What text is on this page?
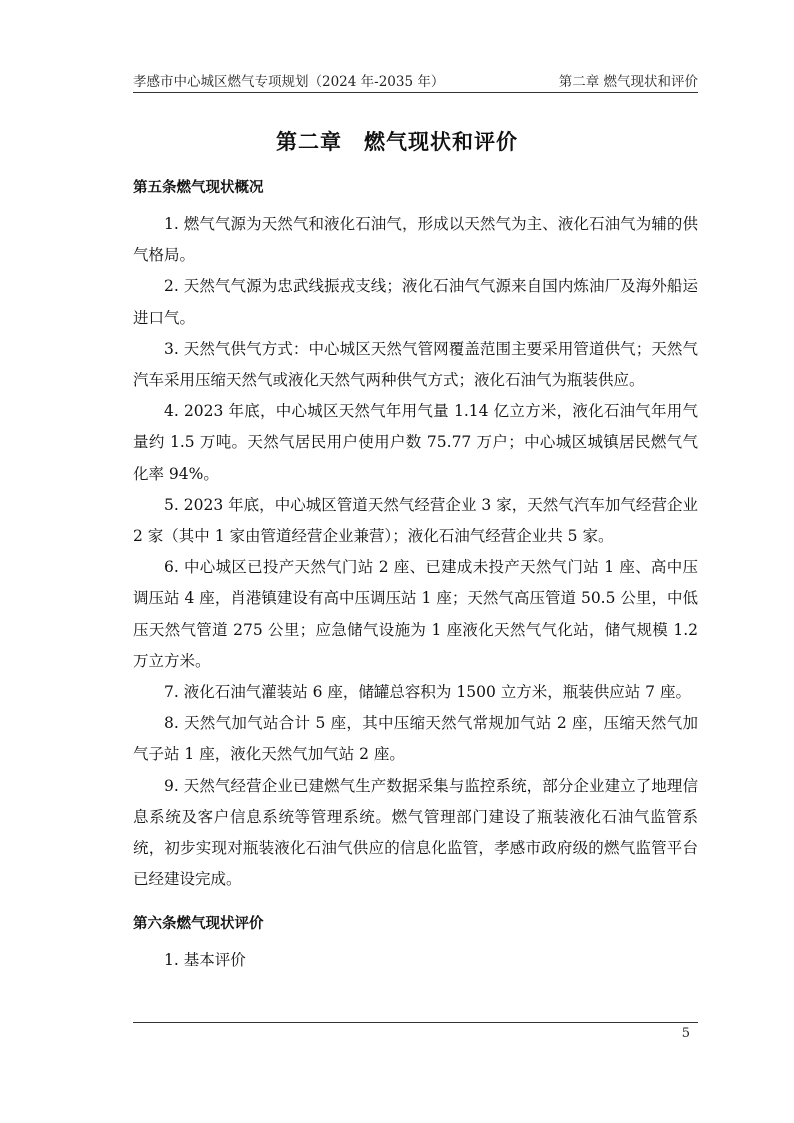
孝感市中心城区燃气专项规划（2024 年-2035 年）	第二章 燃气现状和评价
第二章　燃气现状和评价

第五条燃气现状概况

1. 燃气气源为天然气和液化石油气，形成以天然气为主、液化石油气为辅的供气格局。

2. 天然气气源为忠武线振戎支线；液化石油气气源来自国内炼油厂及海外船运进口气。

3. 天然气供气方式：中心城区天然气管网覆盖范围主要采用管道供气；天然气汽车采用压缩天然气或液化天然气两种供气方式；液化石油气为瓶装供应。

4. 2023 年底，中心城区天然气年用气量 1.14 亿立方米，液化石油气年用气量约 1.5 万吨。天然气居民用户使用户数 75.77 万户；中心城区城镇居民燃气气化率 94%。

5. 2023 年底，中心城区管道天然气经营企业 3 家，天然气汽车加气经营企业 2 家（其中 1 家由管道经营企业兼营）；液化石油气经营企业共 5 家。

6. 中心城区已投产天然气门站 2 座、已建成未投产天然气门站 1 座、高中压调压站 4 座，肖港镇建设有高中压调压站 1 座；天然气高压管道 50.5 公里，中低压天然气管道 275 公里；应急储气设施为 1 座液化天然气气化站，储气规模 1.2 万立方米。

7. 液化石油气灌装站 6 座，储罐总容积为 1500 立方米，瓶装供应站 7 座。

8. 天然气加气站合计 5 座，其中压缩天然气常规加气站 2 座，压缩天然气加气子站 1 座，液化天然气加气站 2 座。

9. 天然气经营企业已建燃气生产数据采集与监控系统，部分企业建立了地理信息系统及客户信息系统等管理系统。燃气管理部门建设了瓶装液化石油气监管系统，初步实现对瓶装液化石油气供应的信息化监管，孝感市政府级的燃气监管平台已经建设完成。

第六条燃气现状评价

1. 基本评价

5
